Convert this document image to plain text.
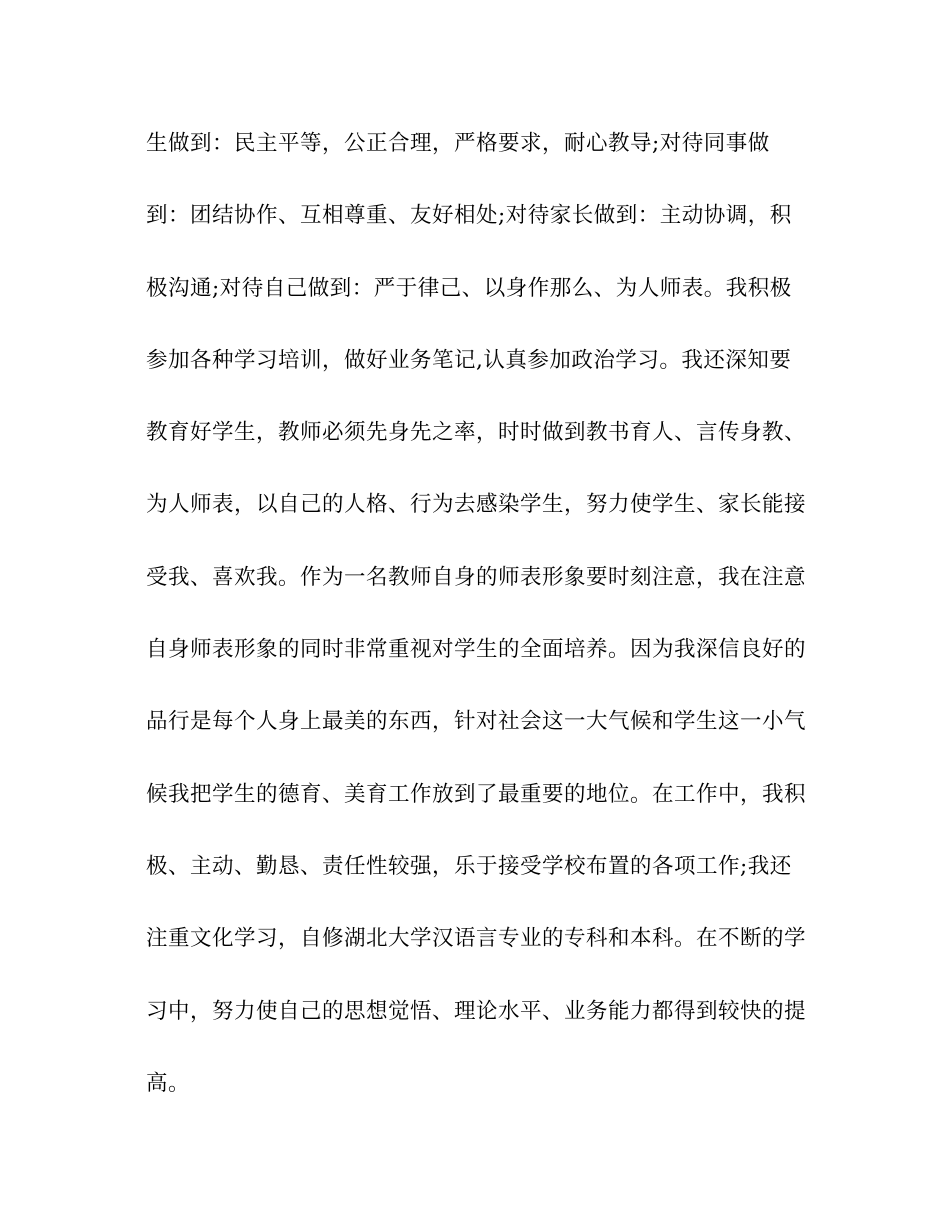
生做到：民主平等，公正合理，严格要求，耐心教导;对待同事做
到：团结协作、互相尊重、友好相处;对待家长做到：主动协调，积
极沟通;对待自己做到：严于律己、以身作那么、为人师表。我积极
参加各种学习培训，做好业务笔记,认真参加政治学习。我还深知要
教育好学生，教师必须先身先之率，时时做到教书育人、言传身教、
为人师表，以自己的人格、行为去感染学生，努力使学生、家长能接
受我、喜欢我。作为一名教师自身的师表形象要时刻注意，我在注意
自身师表形象的同时非常重视对学生的全面培养。因为我深信良好的
品行是每个人身上最美的东西，针对社会这一大气候和学生这一小气
候我把学生的德育、美育工作放到了最重要的地位。在工作中，我积
极、主动、勤恳、责任性较强，乐于接受学校布置的各项工作;我还
注重文化学习，自修湖北大学汉语言专业的专科和本科。在不断的学
习中，努力使自己的思想觉悟、理论水平、业务能力都得到较快的提
高。
